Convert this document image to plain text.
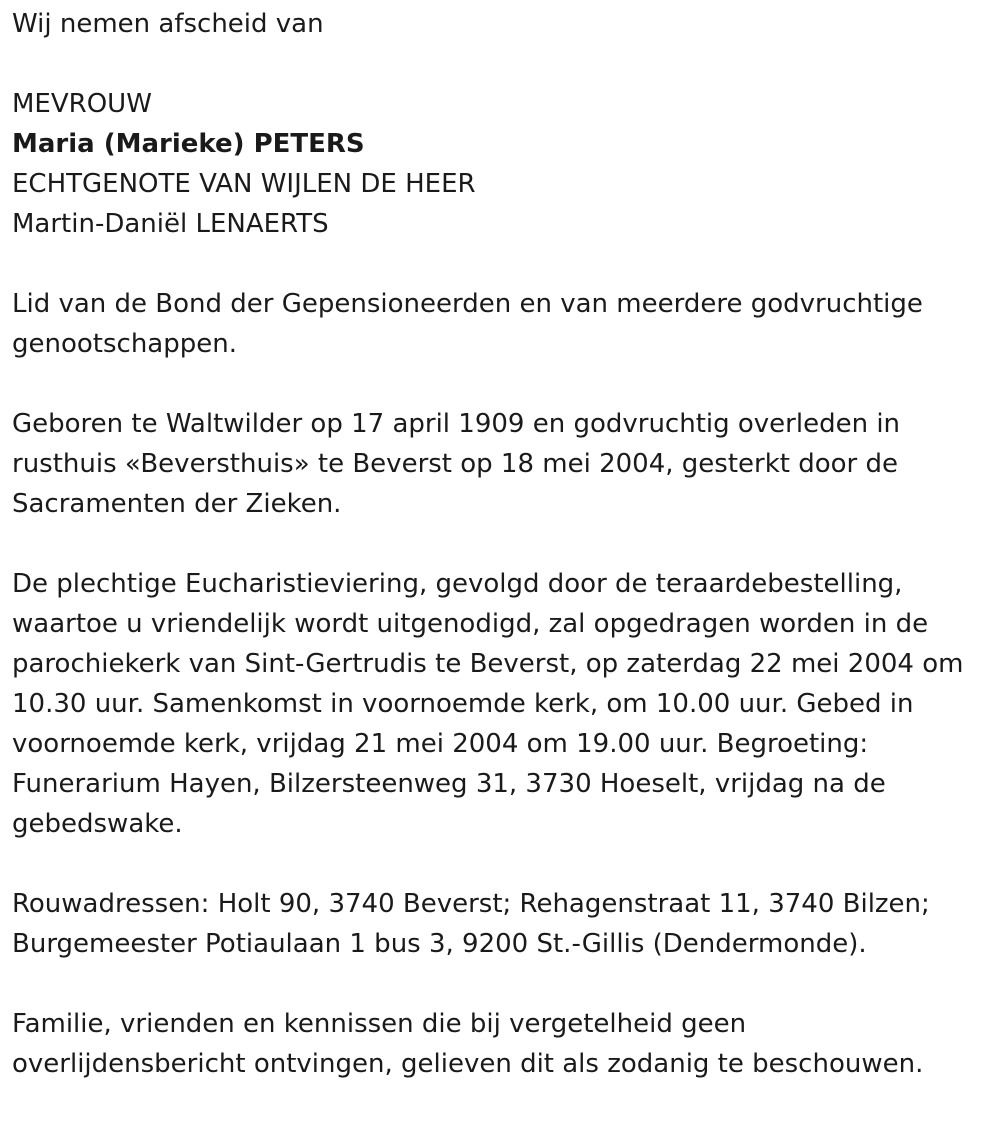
Wij nemen afscheid van
MEVROUW
Maria (Marieke) PETERS
ECHTGENOTE VAN WIJLEN DE HEER
Martin-Daniël LENAERTS
Lid van de Bond der Gepensioneerden en van meerdere godvruchtige
genootschappen.
Geboren te Waltwilder op 17 april 1909 en godvruchtig overleden in
rusthuis «Beversthuis» te Beverst op 18 mei 2004, gesterkt door de
Sacramenten der Zieken.
De plechtige Eucharistieviering, gevolgd door de teraardebestelling,
waartoe u vriendelijk wordt uitgenodigd, zal opgedragen worden in de
parochiekerk van Sint-Gertrudis te Beverst, op zaterdag 22 mei 2004 om
10.30 uur. Samenkomst in voornoemde kerk, om 10.00 uur. Gebed in
voornoemde kerk, vrijdag 21 mei 2004 om 19.00 uur. Begroeting:
Funerarium Hayen, Bilzersteenweg 31, 3730 Hoeselt, vrijdag na de
gebedswake.
Rouwadressen: Holt 90, 3740 Beverst; Rehagenstraat 11, 3740 Bilzen;
Burgemeester Potiaulaan 1 bus 3, 9200 St.-Gillis (Dendermonde).
Familie, vrienden en kennissen die bij vergetelheid geen
overlijdensbericht ontvingen, gelieven dit als zodanig te beschouwen.
